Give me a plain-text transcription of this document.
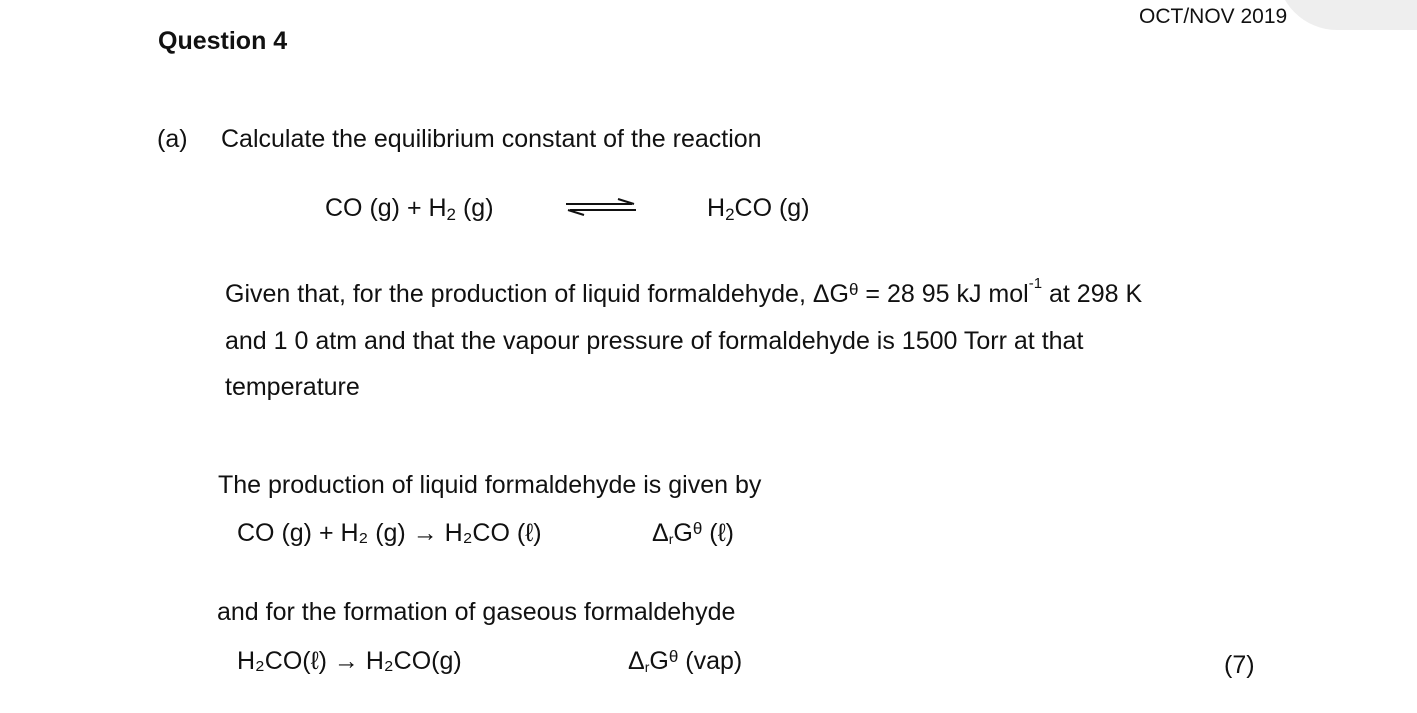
OCT/NOV 2019
Question 4
(a) Calculate the equilibrium constant of the reaction
CO $(g) + H_2$ (g)	$H_2CO$ (g)
Given that, for the production of liquid formaldehyde, $\Delta G^\theta = 28$ 95 kJ mol$^{-1}$ at 298 K
and 1 0 atm and that the vapour pressure of formaldehyde is 1500 Torr at that
temperature
The production of liquid formaldehyde is given by
CO (g) + H₂ (g) → H₂CO (ℓ)	$\Delta_rG^\theta$ (ℓ)
and for the formation of gaseous formaldehyde
H₂CO(ℓ) → H₂CO(g)	$\Delta_rG^\theta$ (vap)	(7)
